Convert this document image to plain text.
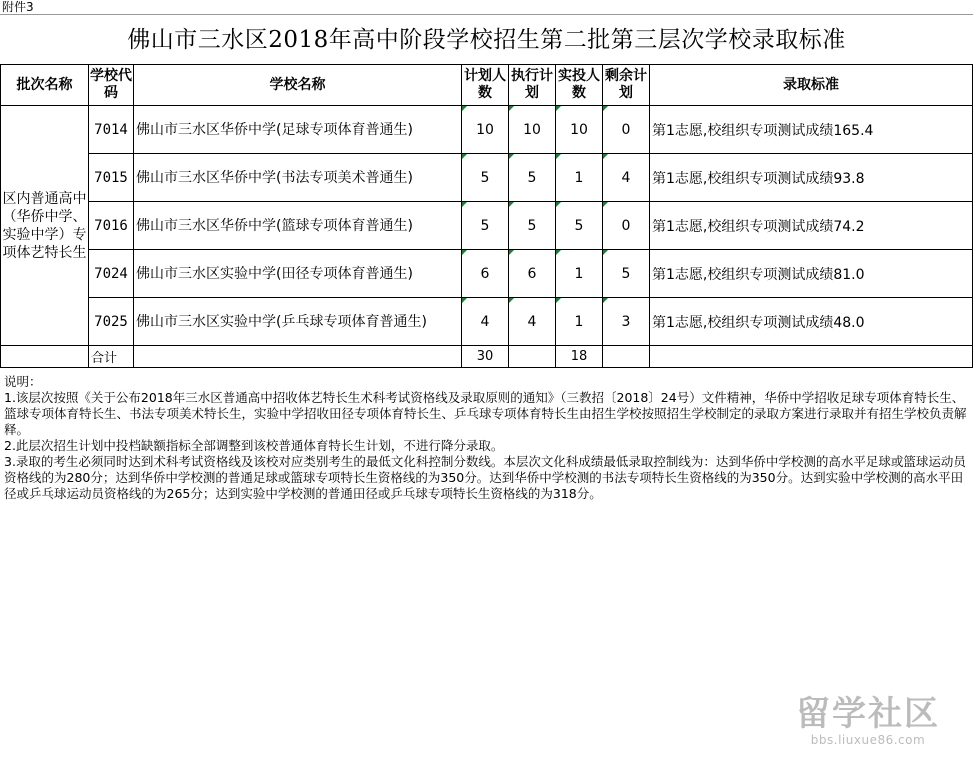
附件3
佛山市三水区2018年高中阶段学校招生第二批第三层次学校录取标准
批次名称	学校代码	学校名称	计划人数	执行计划	实投人数	剩余计划	录取标准
区内普通高中（华侨中学、实验中学）专项体艺特长生	7014	佛山市三水区华侨中学(足球专项体育普通生)	10	10	10	0	第1志愿,校组织专项测试成绩165.4
	7015	佛山市三水区华侨中学(书法专项美术普通生)	5	5	1	4	第1志愿,校组织专项测试成绩93.8
	7016	佛山市三水区华侨中学(篮球专项体育普通生)	5	5	5	0	第1志愿,校组织专项测试成绩74.2
	7024	佛山市三水区实验中学(田径专项体育普通生)	6	6	1	5	第1志愿,校组织专项测试成绩81.0
	7025	佛山市三水区实验中学(乒乓球专项体育普通生)	4	4	1	3	第1志愿,校组织专项测试成绩48.0
	合计		30		18		

说明：

1.该层次按照《关于公布2018年三水区普通高中招收体艺特长生术科考试资格线及录取原则的通知》（三教招〔2018〕24号）文件精神，华侨中学招收足球专项体育特长生、篮球专项体育特长生、书法专项美术特长生，实验中学招收田径专项体育特长生、乒乓球专项体育特长生由招生学校按照招生学校制定的录取方案进行录取并有招生学校负责解释。

2.此层次招生计划中投档缺额指标全部调整到该校普通体育特长生计划，不进行降分录取。

3.录取的考生必须同时达到术科考试资格线及该校对应类别考生的最低文化科控制分数线。本层次文化科成绩最低录取控制线为：达到华侨中学校测的高水平足球或篮球运动员资格线的为280分；达到华侨中学校测的普通足球或篮球专项特长生资格线的为350分。达到华侨中学校测的书法专项特长生资格线的为350分。达到实验中学校测的高水平田径或乒乓球运动员资格线的为265分；达到实验中学校测的普通田径或乒乓球专项特长生资格线的为318分。

留学社区
bbs.liuxue86.com
